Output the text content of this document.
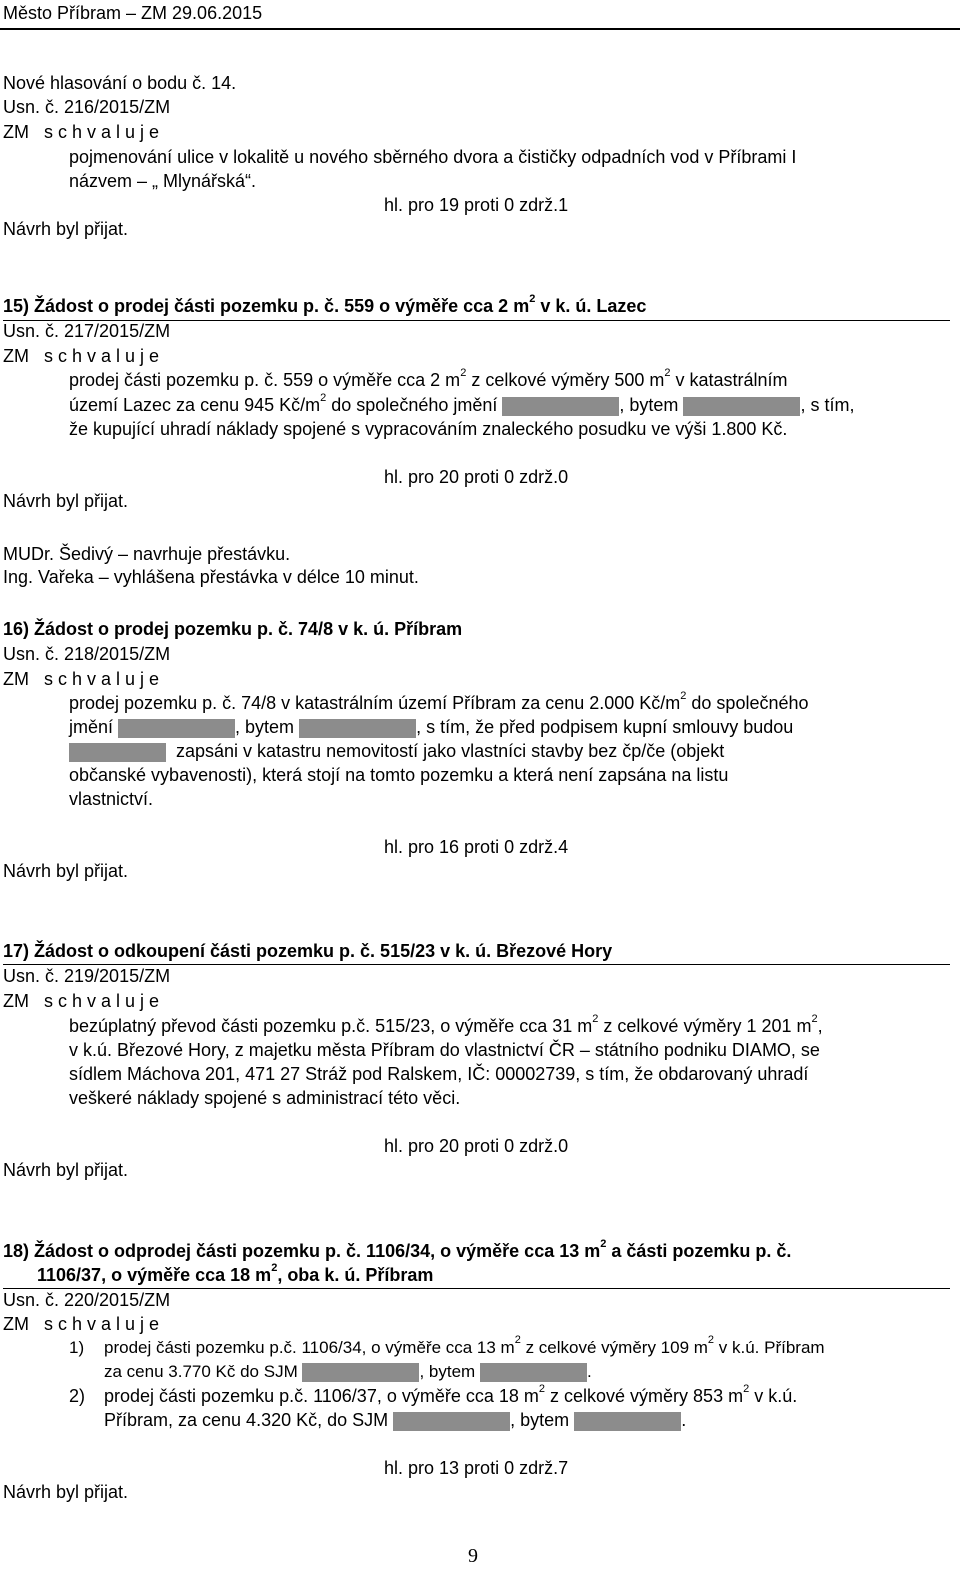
Město Příbram – ZM 29.06.2015
Nové hlasování o bodu č. 14.
Usn. č. 216/2015/ZM
ZM s c h v a l u j e
pojmenování ulice v lokalitě u nového sběrného dvora a čističky odpadních vod v Příbrami I
názvem – „ Mlynářská“.
hl. pro 19 proti 0 zdrž.1
Návrh byl přijat.
15) Žádost o prodej části pozemku p. č. 559 o výměře cca 2 $m^2$ v k. ú. Lazec
Usn. č. 217/2015/ZM
ZM s c h v a l u j e
prodej části pozemku p. č. 559 o výměře cca 2 $m^2$ z celkové výměry 500 $m^2$ v katastrálním
území Lazec za cenu 945 $Kč/m^2$ do společného jmění	, bytem	, s tím,
že kupující uhradí náklady spojené s vypracováním znaleckého posudku ve výši 1.800 Kč.
hl. pro 20 proti 0 zdrž.0
Návrh byl přijat.
MUDr. Šedivý – navrhuje přestávku.
Ing. Vařeka – vyhlášena přestávka v délce 10 minut.
16) Žádost o prodej pozemku p. č. 74/8 v k. ú. Příbram
Usn. č. 218/2015/ZM
ZM s c h v a l u j e
prodej pozemku p. č. 74/8 v katastrálním území Příbram za cenu 2.000 $Kč/m^2$ do společného
jmění	, bytem	, s tím, že před podpisem kupní smlouvy budou
zapsáni v katastru nemovitostí jako vlastníci stavby bez čp/če (objekt
občanské vybavenosti), která stojí na tomto pozemku a která není zapsána na listu
vlastnictví.
hl. pro 16 proti 0 zdrž.4
Návrh byl přijat.
17) Žádost o odkoupení části pozemku p. č. 515/23 v k. ú. Březové Hory
Usn. č. 219/2015/ZM
ZM s c h v a l u j e
bezúplatný převod části pozemku p.č. 515/23, o výměře cca 31 $m^2$ z celkové výměry 1 201 $m^2$,
v k.ú. Březové Hory, z majetku města Příbram do vlastnictví ČR – státního podniku DIAMO, se
sídlem Máchova 201, 471 27 Stráž pod Ralskem, IČ: 00002739, s tím, že obdarovaný uhradí
veškeré náklady spojené s administrací této věci.
hl. pro 20 proti 0 zdrž.0
Návrh byl přijat.
18) Žádost o odprodej části pozemku p. č. 1106/34, o výměře cca 13 $m^2$ a části pozemku p. č.
1106/37, o výměře cca 18 $m^2$, oba k. ú. Příbram
Usn. č. 220/2015/ZM
ZM s c h v a l u j e
1) prodej části pozemku p.č. 1106/34, o výměře cca 13 $m^2$ z celkové výměry 109 $m^2$ v k.ú. Příbram
za cenu 3.770 Kč do SJM	, bytem	.
2) prodej části pozemku p.č. 1106/37, o výměře cca 18 $m^2$ z celkové výměry 853 $m^2$ v k.ú.
Příbram, za cenu 4.320 Kč, do SJM	, bytem	.
hl. pro 13 proti 0 zdrž.7
Návrh byl přijat.
9
